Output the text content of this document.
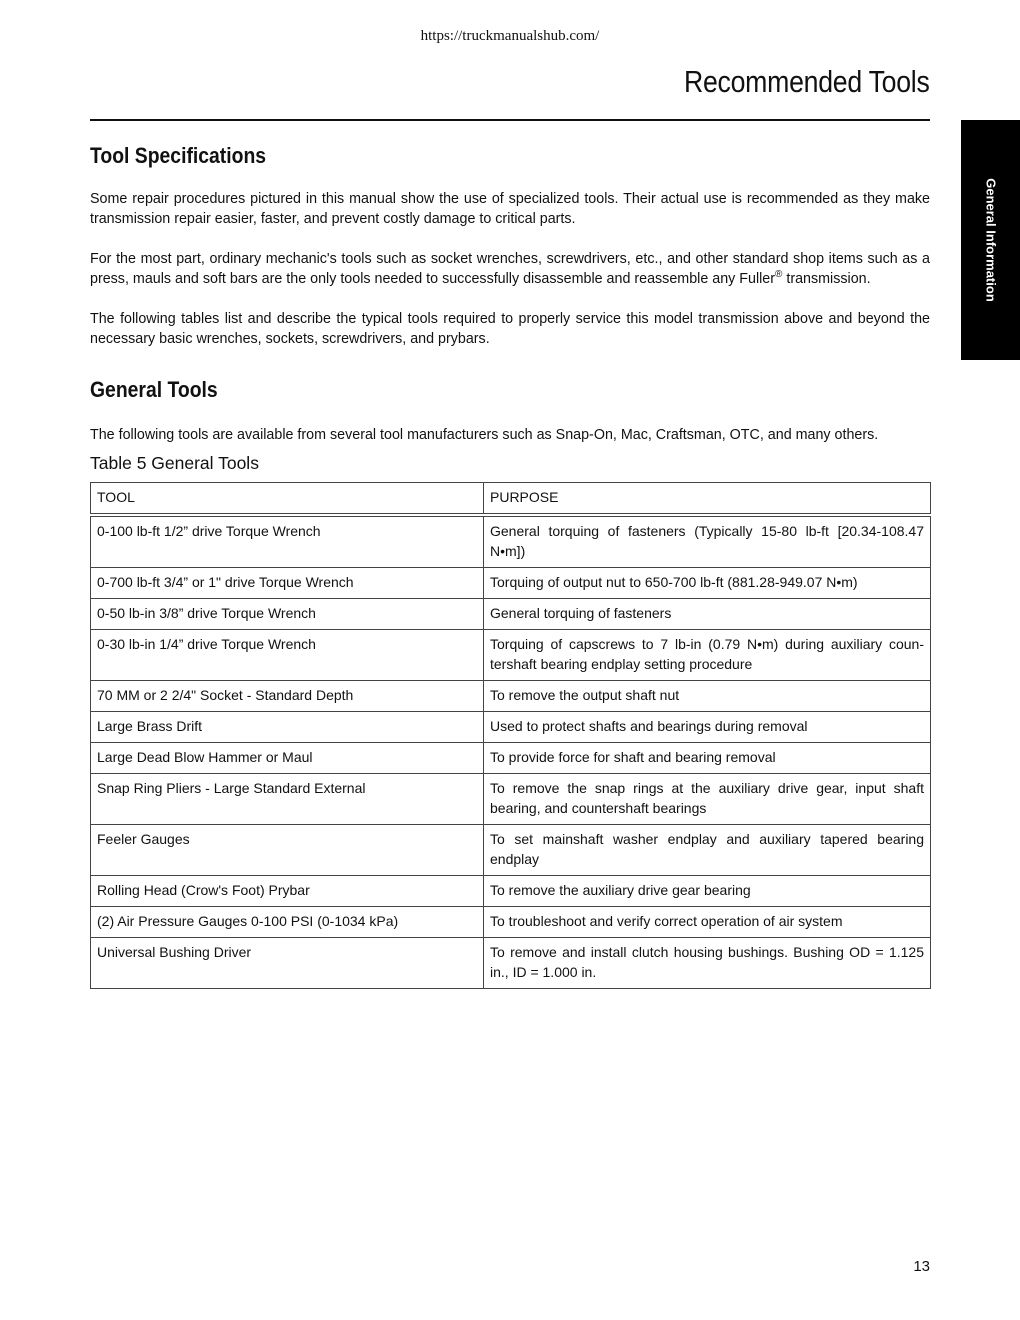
https://truckmanualshub.com/
Recommended Tools
General Information
Tool Specifications

Some repair procedures pictured in this manual show the use of specialized tools. Their actual use is recommended as they make transmission repair easier, faster, and prevent costly damage to critical parts.

For the most part, ordinary mechanic's tools such as socket wrenches, screwdrivers, etc., and other standard shop items such as a press, mauls and soft bars are the only tools needed to successfully disassemble and reassemble any Fuller® transmission.

The following tables list and describe the typical tools required to properly service this model transmission above and beyond the necessary basic wrenches, sockets, screwdrivers, and prybars.

General Tools

The following tools are available from several tool manufacturers such as Snap-On, Mac, Craftsman, OTC, and many others.

Table 5 General Tools
TOOL	PURPOSE
0-100 lb-ft 1/2” drive Torque Wrench	General torquing of fasteners (Typically 15-80 lb-ft [20.34-108.47 N•m])
0-700 lb-ft 3/4” or 1" drive Torque Wrench	Torquing of output nut to 650-700 lb-ft (881.28-949.07 N•m)
0-50 lb-in 3/8” drive Torque Wrench	General torquing of fasteners
0-30 lb-in 1/4” drive Torque Wrench	Torquing of capscrews to 7 lb-in (0.79 N•m) during auxiliary coun-tershaft bearing endplay setting procedure
70 MM or 2 2/4" Socket - Standard Depth	To remove the output shaft nut
Large Brass Drift	Used to protect shafts and bearings during removal
Large Dead Blow Hammer or Maul	To provide force for shaft and bearing removal
Snap Ring Pliers - Large Standard External	To remove the snap rings at the auxiliary drive gear, input shaft bearing, and countershaft bearings
Feeler Gauges	To set mainshaft washer endplay and auxiliary tapered bearing endplay
Rolling Head (Crow's Foot) Prybar	To remove the auxiliary drive gear bearing
(2) Air Pressure Gauges 0-100 PSI (0-1034 kPa)	To troubleshoot and verify correct operation of air system
Universal Bushing Driver	To remove and install clutch housing bushings. Bushing OD = 1.125 in., ID = 1.000 in.
13
